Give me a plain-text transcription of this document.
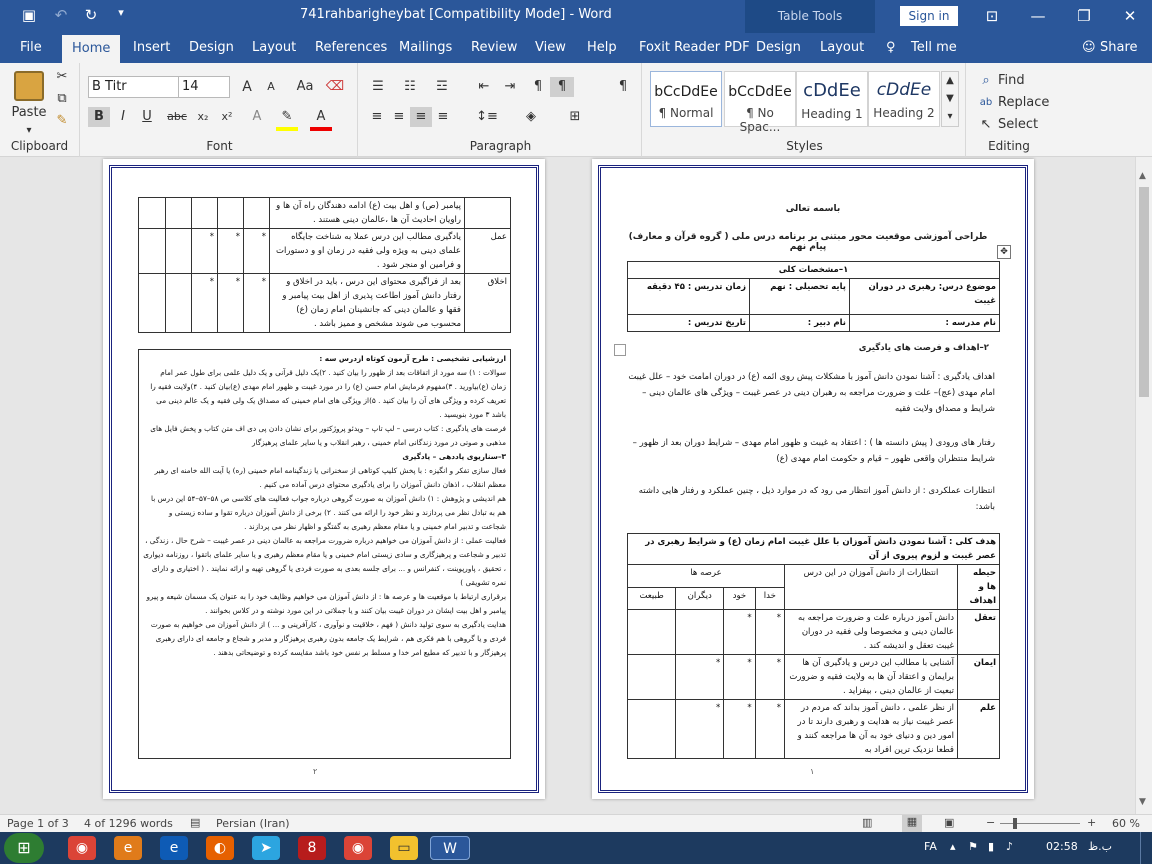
▣	↶	↻	▾	741rahbarigheybat [Compatibility Mode] - Word	Table Tools	Sign in	⊡	—	❐	✕
File	Home	Insert Design Layout References Mailings Review View Help Foxit Reader PDF Design Layout ♀ Tell me	☺ Share
Paste
▾
✂
⧉
✎
Clipboard
B Titr	14	A	A	Aa ⌫
B	I	U	abc x₂	x²	A	✎	A
Font
☰	☷	☲	⇤	⇥	¶	¶	¶
≡ ≡ ≡ ≡	↕≡	◈	⊞
Paragraph
bCcDdEe
¶ Normal
bCcDdEe
¶ No Spac...
cDdEe
Heading 1
cDdEe
Heading 2
▲
▼
▾
Styles
⌕ Find
ab Replace
↖ Select
Editing
	پیامبر (ص) و اهل بیت (ع) ادامه دهندگان راه آن ها و راویان احادیث آن ها ،عالمان دینی هستند .					
عمل	یادگیری مطالب این درس عملا به شناخت جایگاه علمای دینی به ویژه ولی فقیه در زمان او و دستورات و فرامین او منجر شود .	*	*	*		
اخلاق	بعد از فراگیری محتوای این درس ، باید در اخلاق و رفتار دانش آموز اطاعت پذیری از اهل بیت پیامبر و فقها و عالمان دینی که جانشینان امام زمان (ع) محسوب می شوند مشخص و ممیز باشد .	*	*	*		
ارزشیابی تشخیصی : طرح آزمون کوتاه ازدرس سه :
سوالات : ۱) سه مورد از اتفاقات بعد از ظهور را بیان کنید . ۲)یک دلیل قرآنی و یک دلیل علمی برای طول عمر امام زمان (ع)بیاورید . ۳)مفهوم فرمایش امام حسن (ع) را در مورد غیبت و ظهور امام مهدی (ع)بیان کنید . ۴)ولایت فقیه را تعریف کرده و ویژگی های آن را بیان کنید . ۵)از ویژگی های امام خمینی که مصداق یک ولی فقیه و یک عالم دینی می باشد ۳ مورد بنویسید .
فرصت های یادگیری : کتاب درسی – لپ تاپ – ویدئو پروژکتور برای نشان دادن پی دی اف متن کتاب و پخش فایل های مذهبی و صوتی در مورد زندگانی امام خمینی ، رهبر انقلاب و یا سایر علمای پرهیزگار
۳–سناریوی یاددهی – یادگیری
فعال سازی تفکر و انگیزه : با پخش کلیپ کوتاهی از سخنرانی یا زندگینامه امام خمینی (ره) یا آیت الله خامنه ای رهبر معظم انقلاب ، اذهان دانش آموزان را برای یادگیری محتوای درس آماده می کنیم .
هم اندیشی و پژوهش : ۱) دانش آموزان به صورت گروهی درباره جواب فعالیت های کلاسی ص ۵۸–۵۷–۵۴ این درس با هم به تبادل نظر می پردازند و نظر خود را ارائه می کنند . ۲) برخی از دانش آموزان درباره تقوا و ساده زیستی و شجاعت و تدبیر امام خمینی و یا مقام معظم رهبری به گفتگو و اظهار نظر می پردازند .
فعالیت عملی : از دانش آموزان می خواهیم درباره ضرورت مراجعه به عالمان دینی در عصر غیبت – شرح حال ، زندگی ، تدبیر و شجاعت و پرهیزگاری و سادی زیستی امام خمینی و یا مقام معظم رهبری و یا سایر علمای باتقوا ، روزنامه دیواری ، تحقیق ، پاورپوینت ، کنفرانس و ... برای جلسه بعدی به صورت فردی یا گروهی تهیه و ارائه نمایند . ( اختیاری و دارای نمره تشویقی )
برقراری ارتباط با موقعیت ها و عرصه ها : از دانش آموزان می خواهیم وظایف خود را به عنوان یک مسمان شیعه و پیرو پیامبر و اهل بیت ایشان در دوران غیبت بیان کنند و یا جملاتی در این مورد نوشته و در کلاس بخوانند .
هدایت یادگیری به سوی تولید دانش ( فهم ، خلاقیت و نوآوری ، کارآفرینی و ... ) از دانش آموزان می خواهیم به صورت فردی و یا گروهی با هم فکری هم ، شرایط یک جامعه بدون رهبری پرهیزگار و مدبر و شجاع و جامعه ای دارای رهبری پرهیزگار و با تدبیر که مطیع امر خدا و مسلط بر نفس خود باشد مقایسه کرده و توضیحاتی بدهند .
۲
باسمه تعالی
طراحی آموزشی موقعیت محور مبتنی بر برنامه درس ملی ( گروه قرآن و معارف) پیام نهم	✥
۱–مشخصات کلی		
موضوع درس: رهبری در دوران غیبت	پایه تحصیلی : نهم	زمان تدریس : ۴۵ دقیقه
نام مدرسه :	نام دبیر :	تاریخ تدریس :
۲–اهداف و فرصت های یادگیری
اهداف یادگیری : آشنا نمودن دانش آموز با مشکلات پیش روی ائمه (ع) در دوران امامت خود – علل غیبت امام مهدی (عج)– علت و ضرورت مراجعه به رهبران دینی در عصر غیبت – ویژگی های عالمان دینی – شرایط و مصداق ولایت فقیه
رفتار های ورودی ( پیش دانسته ها ) : اعتقاد به غیبت و ظهور امام مهدی – شرایط دوران بعد از ظهور –شرایط منتظران واقعی ظهور – قیام و حکومت امام مهدی (ع)
انتظارات عملکردی : از دانش آموز انتظار می رود که در موارد ذیل ، چنین عملکرد و رفتار هایی داشته باشد:
هدف کلی : آشنا نمودن دانش آموزان با علل غیبت امام زمان (ع) و شرایط رهبری در عصر غیبت و لزوم پیروی از آن					
حیطه ها و اهداف	انتظارات از دانش آموزان در این درس	عرصه ها			
		خدا	خود	دیگران	طبیعت
تعقل	دانش آموز درباره علت و ضرورت مراجعه به عالمان دینی و مخصوصا ولی فقیه در دوران غیبت تعقل و اندیشه کند .	*	*		
ایمان	آشنایی با مطالب این درس و یادگیری آن ها برایمان و اعتقاد آن ها به ولایت فقیه و ضرورت تبعیت از عالمان دینی ، بیفزاید .	*	*	*	
علم	از نظر علمی ، دانش آموز بداند که مردم در عصر غیبت نیاز به هدایت و رهبری دارند تا در امور دین و دنیای خود به آن ها مراجعه کنند و قطعا نزدیک ترین افراد به	*	*	*	
۱
▲
▼
Page 1 of 3 4 of 1296 words ▤ Persian (Iran)	▥	▦	▣	−	+ 60 %
⊞	◉	e	e	◐	➤	8	◉	▭	W	FA ▴ ⚑ ▮ ♪	02:58 ب.ظ
